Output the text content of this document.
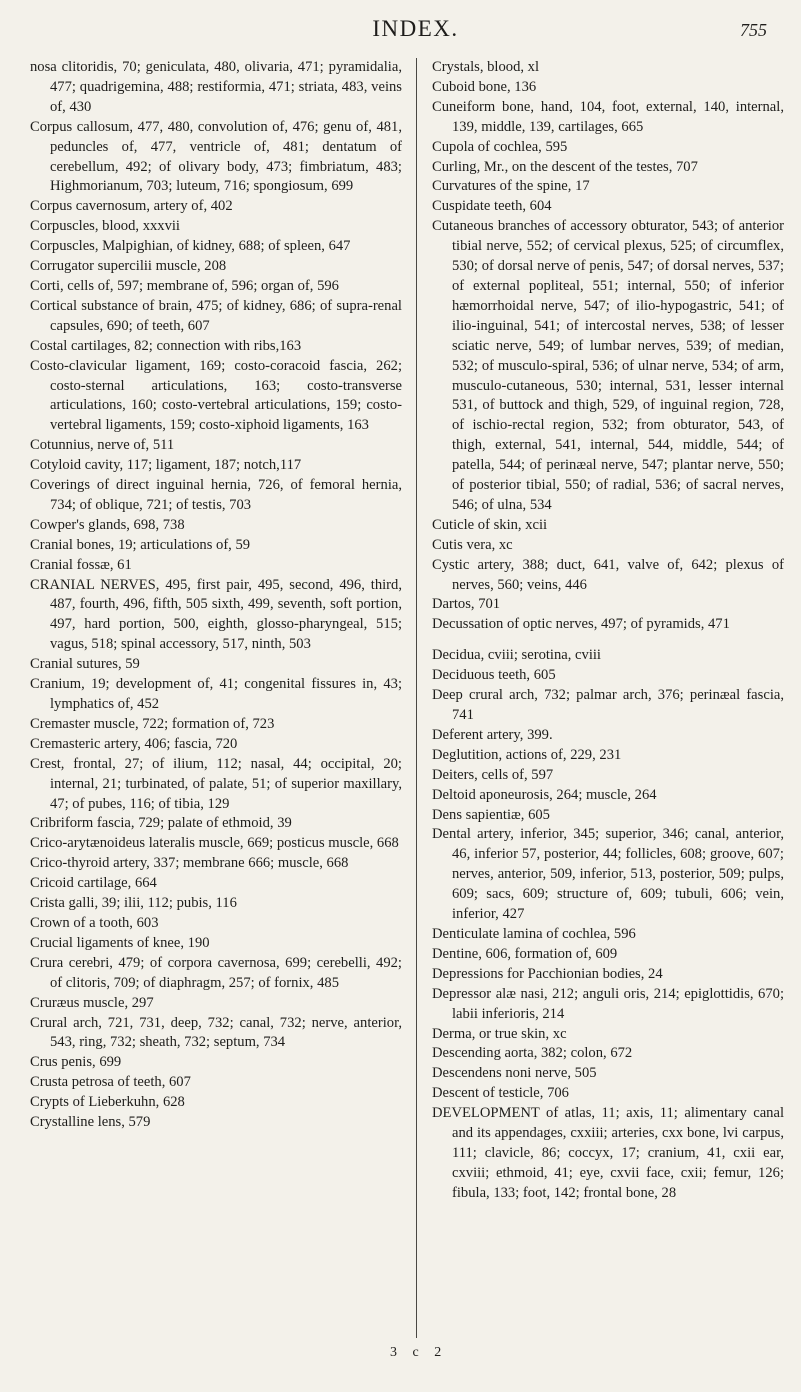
INDEX.	755

nosa clitoridis, 70; geniculata, 480, olivaria, 471; pyramidalia, 477; quadrigemina, 488; restiformia, 471; striata, 483, veins of, 430

Corpus callosum, 477, 480, convolution of, 476; genu of, 481, peduncles of, 477, ventricle of, 481; dentatum of cerebellum, 492; of olivary body, 473; fimbriatum, 483; Highmorianum, 703; luteum, 716; spongiosum, 699

Corpus cavernosum, artery of, 402

Corpuscles, blood, xxxvii

Corpuscles, Malpighian, of kidney, 688; of spleen, 647

Corrugator supercilii muscle, 208

Corti, cells of, 597; membrane of, 596; organ of, 596

Cortical substance of brain, 475; of kidney, 686; of supra-renal capsules, 690; of teeth, 607

Costal cartilages, 82; connection with ribs,163

Costo-clavicular ligament, 169; costo-coracoid fascia, 262; costo-sternal articulations, 163; costo-transverse articulations, 160; costo-vertebral articulations, 159; costo-vertebral ligaments, 159; costo-xiphoid ligaments, 163

Cotunnius, nerve of, 511

Cotyloid cavity, 117; ligament, 187; notch,117

Coverings of direct inguinal hernia, 726, of femoral hernia, 734; of oblique, 721; of testis, 703

Cowper's glands, 698, 738

Cranial bones, 19; articulations of, 59

Cranial fossæ, 61

CRANIAL NERVES, 495, first pair, 495, second, 496, third, 487, fourth, 496, fifth, 505 sixth, 499, seventh, soft portion, 497, hard portion, 500, eighth, glosso-pharyngeal, 515; vagus, 518; spinal accessory, 517, ninth, 503

Cranial sutures, 59

Cranium, 19; development of, 41; congenital fissures in, 43; lymphatics of, 452

Cremaster muscle, 722; formation of, 723

Cremasteric artery, 406; fascia, 720

Crest, frontal, 27; of ilium, 112; nasal, 44; occipital, 20; internal, 21; turbinated, of palate, 51; of superior maxillary, 47; of pubes, 116; of tibia, 129

Cribriform fascia, 729; palate of ethmoid, 39

Crico-arytænoideus lateralis muscle, 669; posticus muscle, 668

Crico-thyroid artery, 337; membrane 666; muscle, 668

Cricoid cartilage, 664

Crista galli, 39; ilii, 112; pubis, 116

Crown of a tooth, 603

Crucial ligaments of knee, 190

Crura cerebri, 479; of corpora cavernosa, 699; cerebelli, 492; of clitoris, 709; of diaphragm, 257; of fornix, 485

Cruræus muscle, 297

Crural arch, 721, 731, deep, 732; canal, 732; nerve, anterior, 543, ring, 732; sheath, 732; septum, 734

Crus penis, 699

Crusta petrosa of teeth, 607

Crypts of Lieberkuhn, 628

Crystalline lens, 579

Crystals, blood, xl

Cuboid bone, 136

Cuneiform bone, hand, 104, foot, external, 140, internal, 139, middle, 139, cartilages, 665

Cupola of cochlea, 595

Curling, Mr., on the descent of the testes, 707

Curvatures of the spine, 17

Cuspidate teeth, 604

Cutaneous branches of accessory obturator, 543; of anterior tibial nerve, 552; of cervical plexus, 525; of circumflex, 530; of dorsal nerve of penis, 547; of dorsal nerves, 537; of external popliteal, 551; internal, 550; of inferior hæmorrhoidal nerve, 547; of ilio-hypogastric, 541; of ilio-inguinal, 541; of intercostal nerves, 538; of lesser sciatic nerve, 549; of lumbar nerves, 539; of median, 532; of musculo-spiral, 536; of ulnar nerve, 534; of arm, musculo-cutaneous, 530; internal, 531, lesser internal 531, of buttock and thigh, 529, of inguinal region, 728, of ischio-rectal region, 532; from obturator, 543, of thigh, external, 541, internal, 544, middle, 544; of patella, 544; of perinæal nerve, 547; plantar nerve, 550; of posterior tibial, 550; of radial, 536; of sacral nerves, 546; of ulna, 534

Cuticle of skin, xcii

Cutis vera, xc

Cystic artery, 388; duct, 641, valve of, 642; plexus of nerves, 560; veins, 446

Dartos, 701

Decussation of optic nerves, 497; of pyramids, 471

Decidua, cviii; serotina, cviii

Deciduous teeth, 605

Deep crural arch, 732; palmar arch, 376; perinæal fascia, 741

Deferent artery, 399.

Deglutition, actions of, 229, 231

Deiters, cells of, 597

Deltoid aponeurosis, 264; muscle, 264

Dens sapientiæ, 605

Dental artery, inferior, 345; superior, 346; canal, anterior, 46, inferior 57, posterior, 44; follicles, 608; groove, 607; nerves, anterior, 509, inferior, 513, posterior, 509; pulps, 609; sacs, 609; structure of, 609; tubuli, 606; vein, inferior, 427

Denticulate lamina of cochlea, 596

Dentine, 606, formation of, 609

Depressions for Pacchionian bodies, 24

Depressor alæ nasi, 212; anguli oris, 214; epiglottidis, 670; labii inferioris, 214

Derma, or true skin, xc

Descending aorta, 382; colon, 672

Descendens noni nerve, 505

Descent of testicle, 706

DEVELOPMENT of atlas, 11; axis, 11; alimentary canal and its appendages, cxxiii; arteries, cxx bone, lvi carpus, 111; clavicle, 86; coccyx, 17; cranium, 41, cxii ear, cxviii; ethmoid, 41; eye, cxvii face, cxii; femur, 126; fibula, 133; foot, 142; frontal bone, 28

3 c 2
